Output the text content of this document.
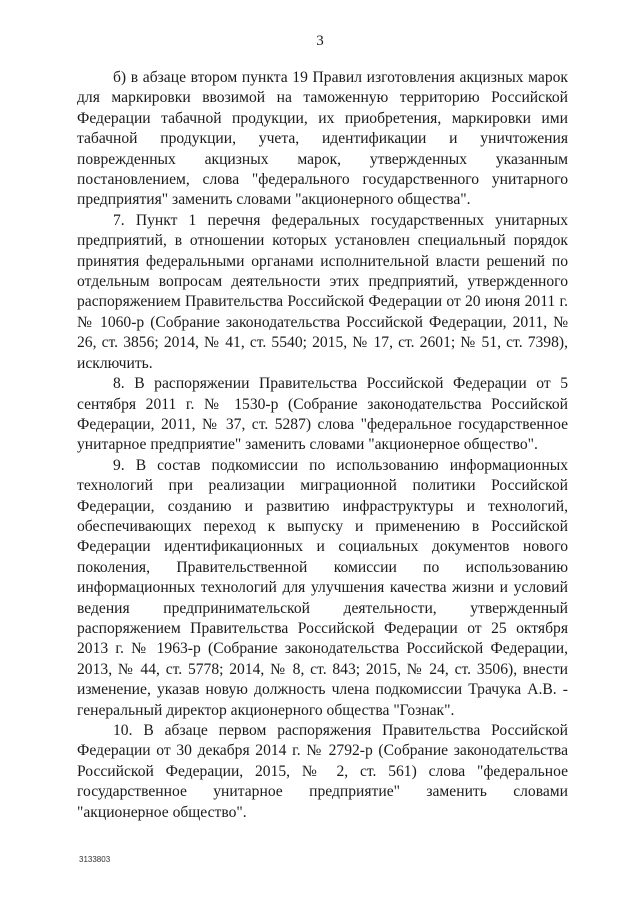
3

б) в абзаце втором пункта 19 Правил изготовления акцизных марок для маркировки ввозимой на таможенную территорию Российской Федерации табачной продукции, их приобретения, маркировки ими табачной продукции, учета, идентификации и уничтожения поврежденных акцизных марок, утвержденных указанным постановлением, слова "федерального государственного унитарного предприятия" заменить словами "акционерного общества".

7. Пункт 1 перечня федеральных государственных унитарных предприятий, в отношении которых установлен специальный порядок принятия федеральными органами исполнительной власти решений по отдельным вопросам деятельности этих предприятий, утвержденного распоряжением Правительства Российской Федерации от 20 июня 2011 г. № 1060-р (Собрание законодательства Российской Федерации, 2011, № 26, ст. 3856; 2014, № 41, ст. 5540; 2015, № 17, ст. 2601; № 51, ст. 7398), исключить.

8. В распоряжении Правительства Российской Федерации от 5 сентября 2011 г. № 1530-р (Собрание законодательства Российской Федерации, 2011, № 37, ст. 5287) слова "федеральное государственное унитарное предприятие" заменить словами "акционерное общество".

9. В состав подкомиссии по использованию информационных технологий при реализации миграционной политики Российской Федерации, созданию и развитию инфраструктуры и технологий, обеспечивающих переход к выпуску и применению в Российской Федерации идентификационных и социальных документов нового поколения, Правительственной комиссии по использованию информационных технологий для улучшения качества жизни и условий ведения предпринимательской деятельности, утвержденный распоряжением Правительства Российской Федерации от 25 октября 2013 г. № 1963-р (Собрание законодательства Российской Федерации, 2013, № 44, ст. 5778; 2014, № 8, ст. 843; 2015, № 24, ст. 3506), внести изменение, указав новую должность члена подкомиссии Трачука А.В. - генеральный директор акционерного общества "Гознак".

10. В абзаце первом распоряжения Правительства Российской Федерации от 30 декабря 2014 г. № 2792-р (Собрание законодательства Российской Федерации, 2015, № 2, ст. 561) слова "федеральное государственное унитарное предприятие" заменить словами "акционерное общество".

3133803
